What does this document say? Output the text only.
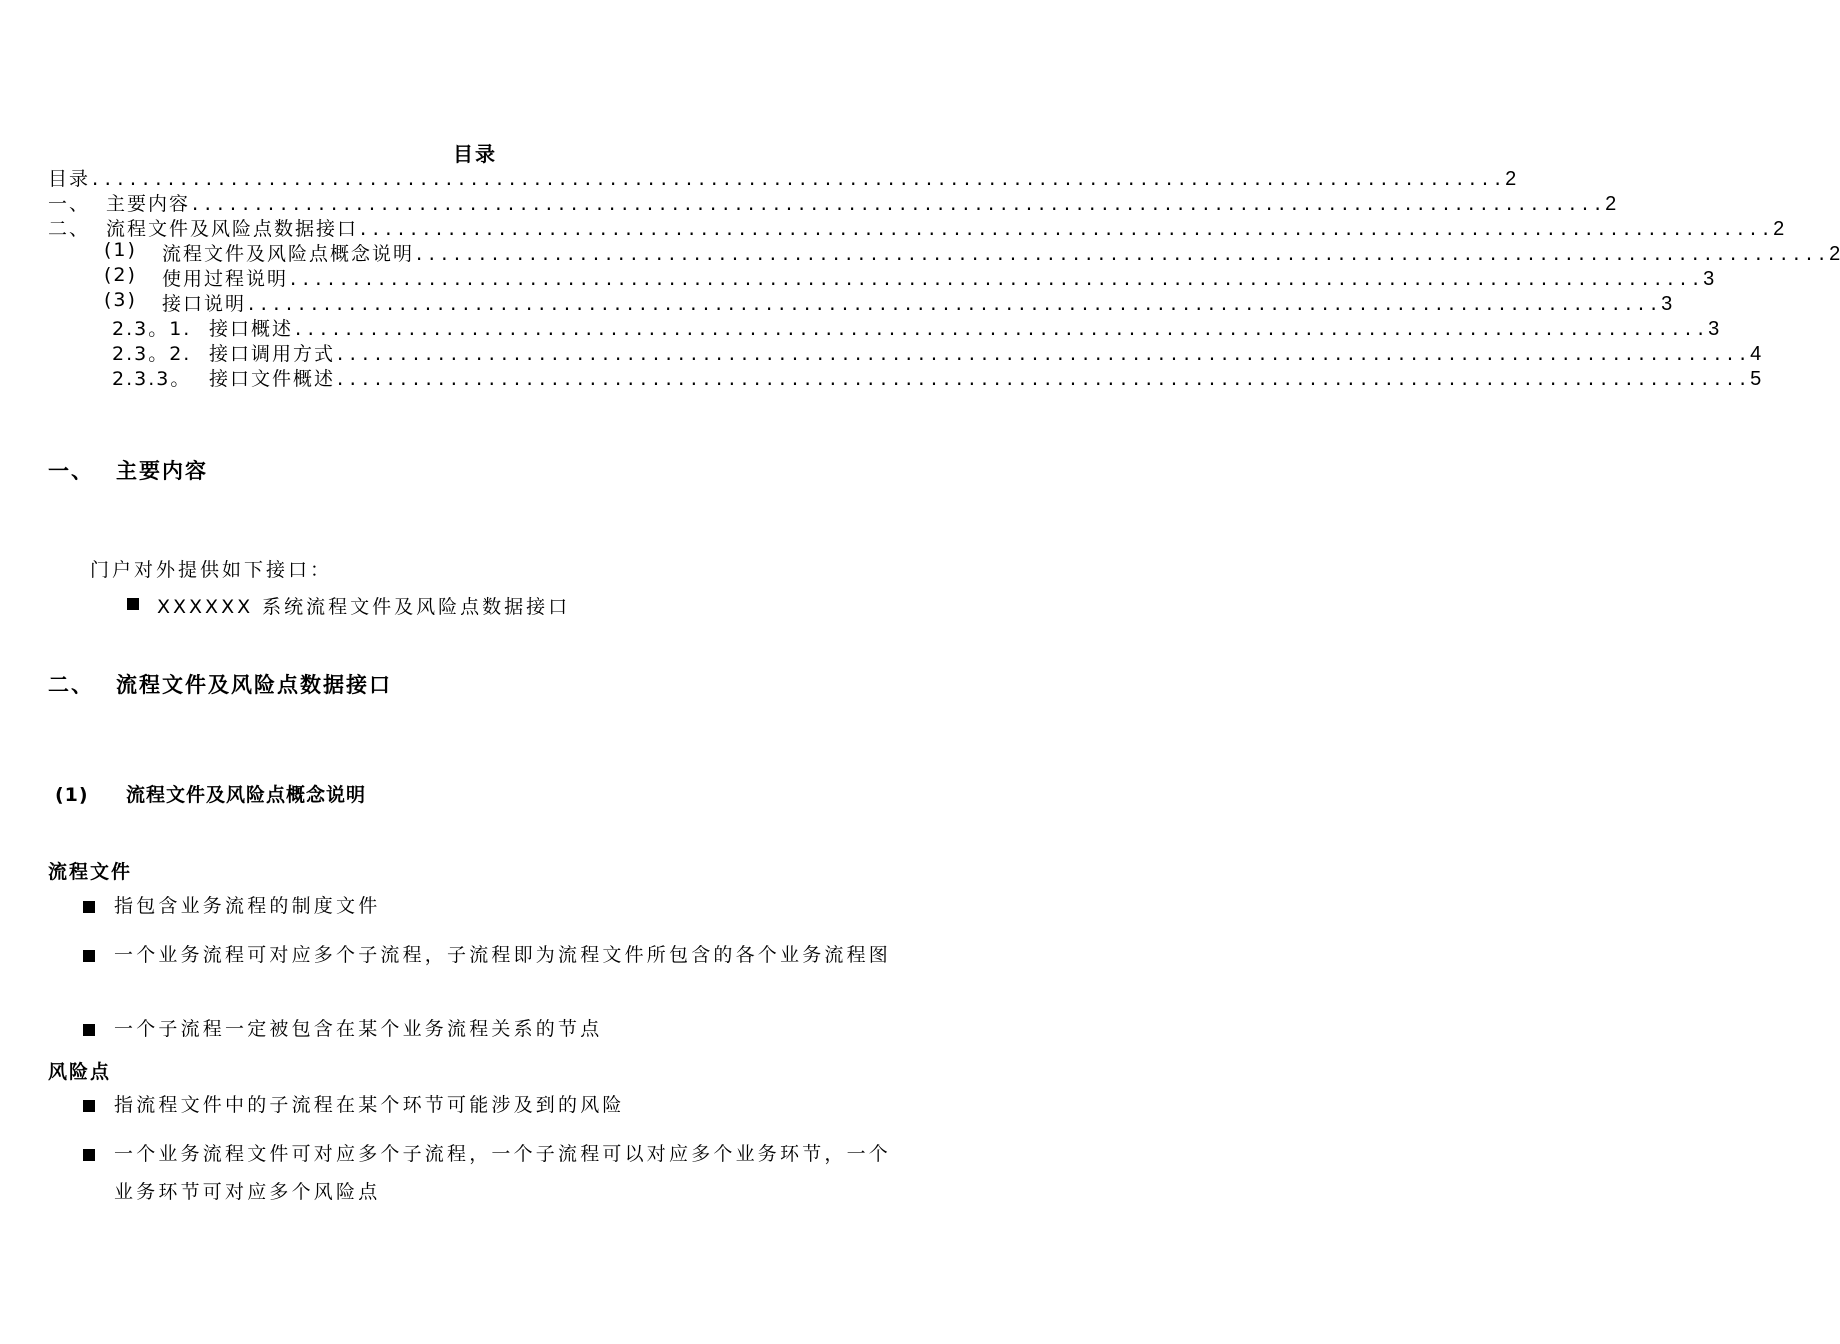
目录
目录 ................................................................................................................ 2
一、 主要内容 ................................................................................................................ 2
二、 流程文件及风险点数据接口 ................................................................................................................ 2
(1)	流程文件及风险点概念说明 ................................................................................................................ 2
(2)	使用过程说明 ................................................................................................................ 3
(3)	接口说明 ................................................................................................................ 3
2.3。1. 接口概述 ................................................................................................................ 3
2.3。2. 接口调用方式 ................................................................................................................ 4
2.3.3。 接口文件概述 ................................................................................................................ 5
一、 主要内容
门户对外提供如下接口：
XXXXXX 系统流程文件及风险点数据接口
二、 流程文件及风险点数据接口
(1) 流程文件及风险点概念说明
流程文件
指包含业务流程的制度文件
一个业务流程可对应多个子流程，子流程即为流程文件所包含的各个业务流程图
一个子流程一定被包含在某个业务流程关系的节点
风险点
指流程文件中的子流程在某个环节可能涉及到的风险
一个业务流程文件可对应多个子流程，一个子流程可以对应多个业务环节，一个业务环节可对应多个风险点
